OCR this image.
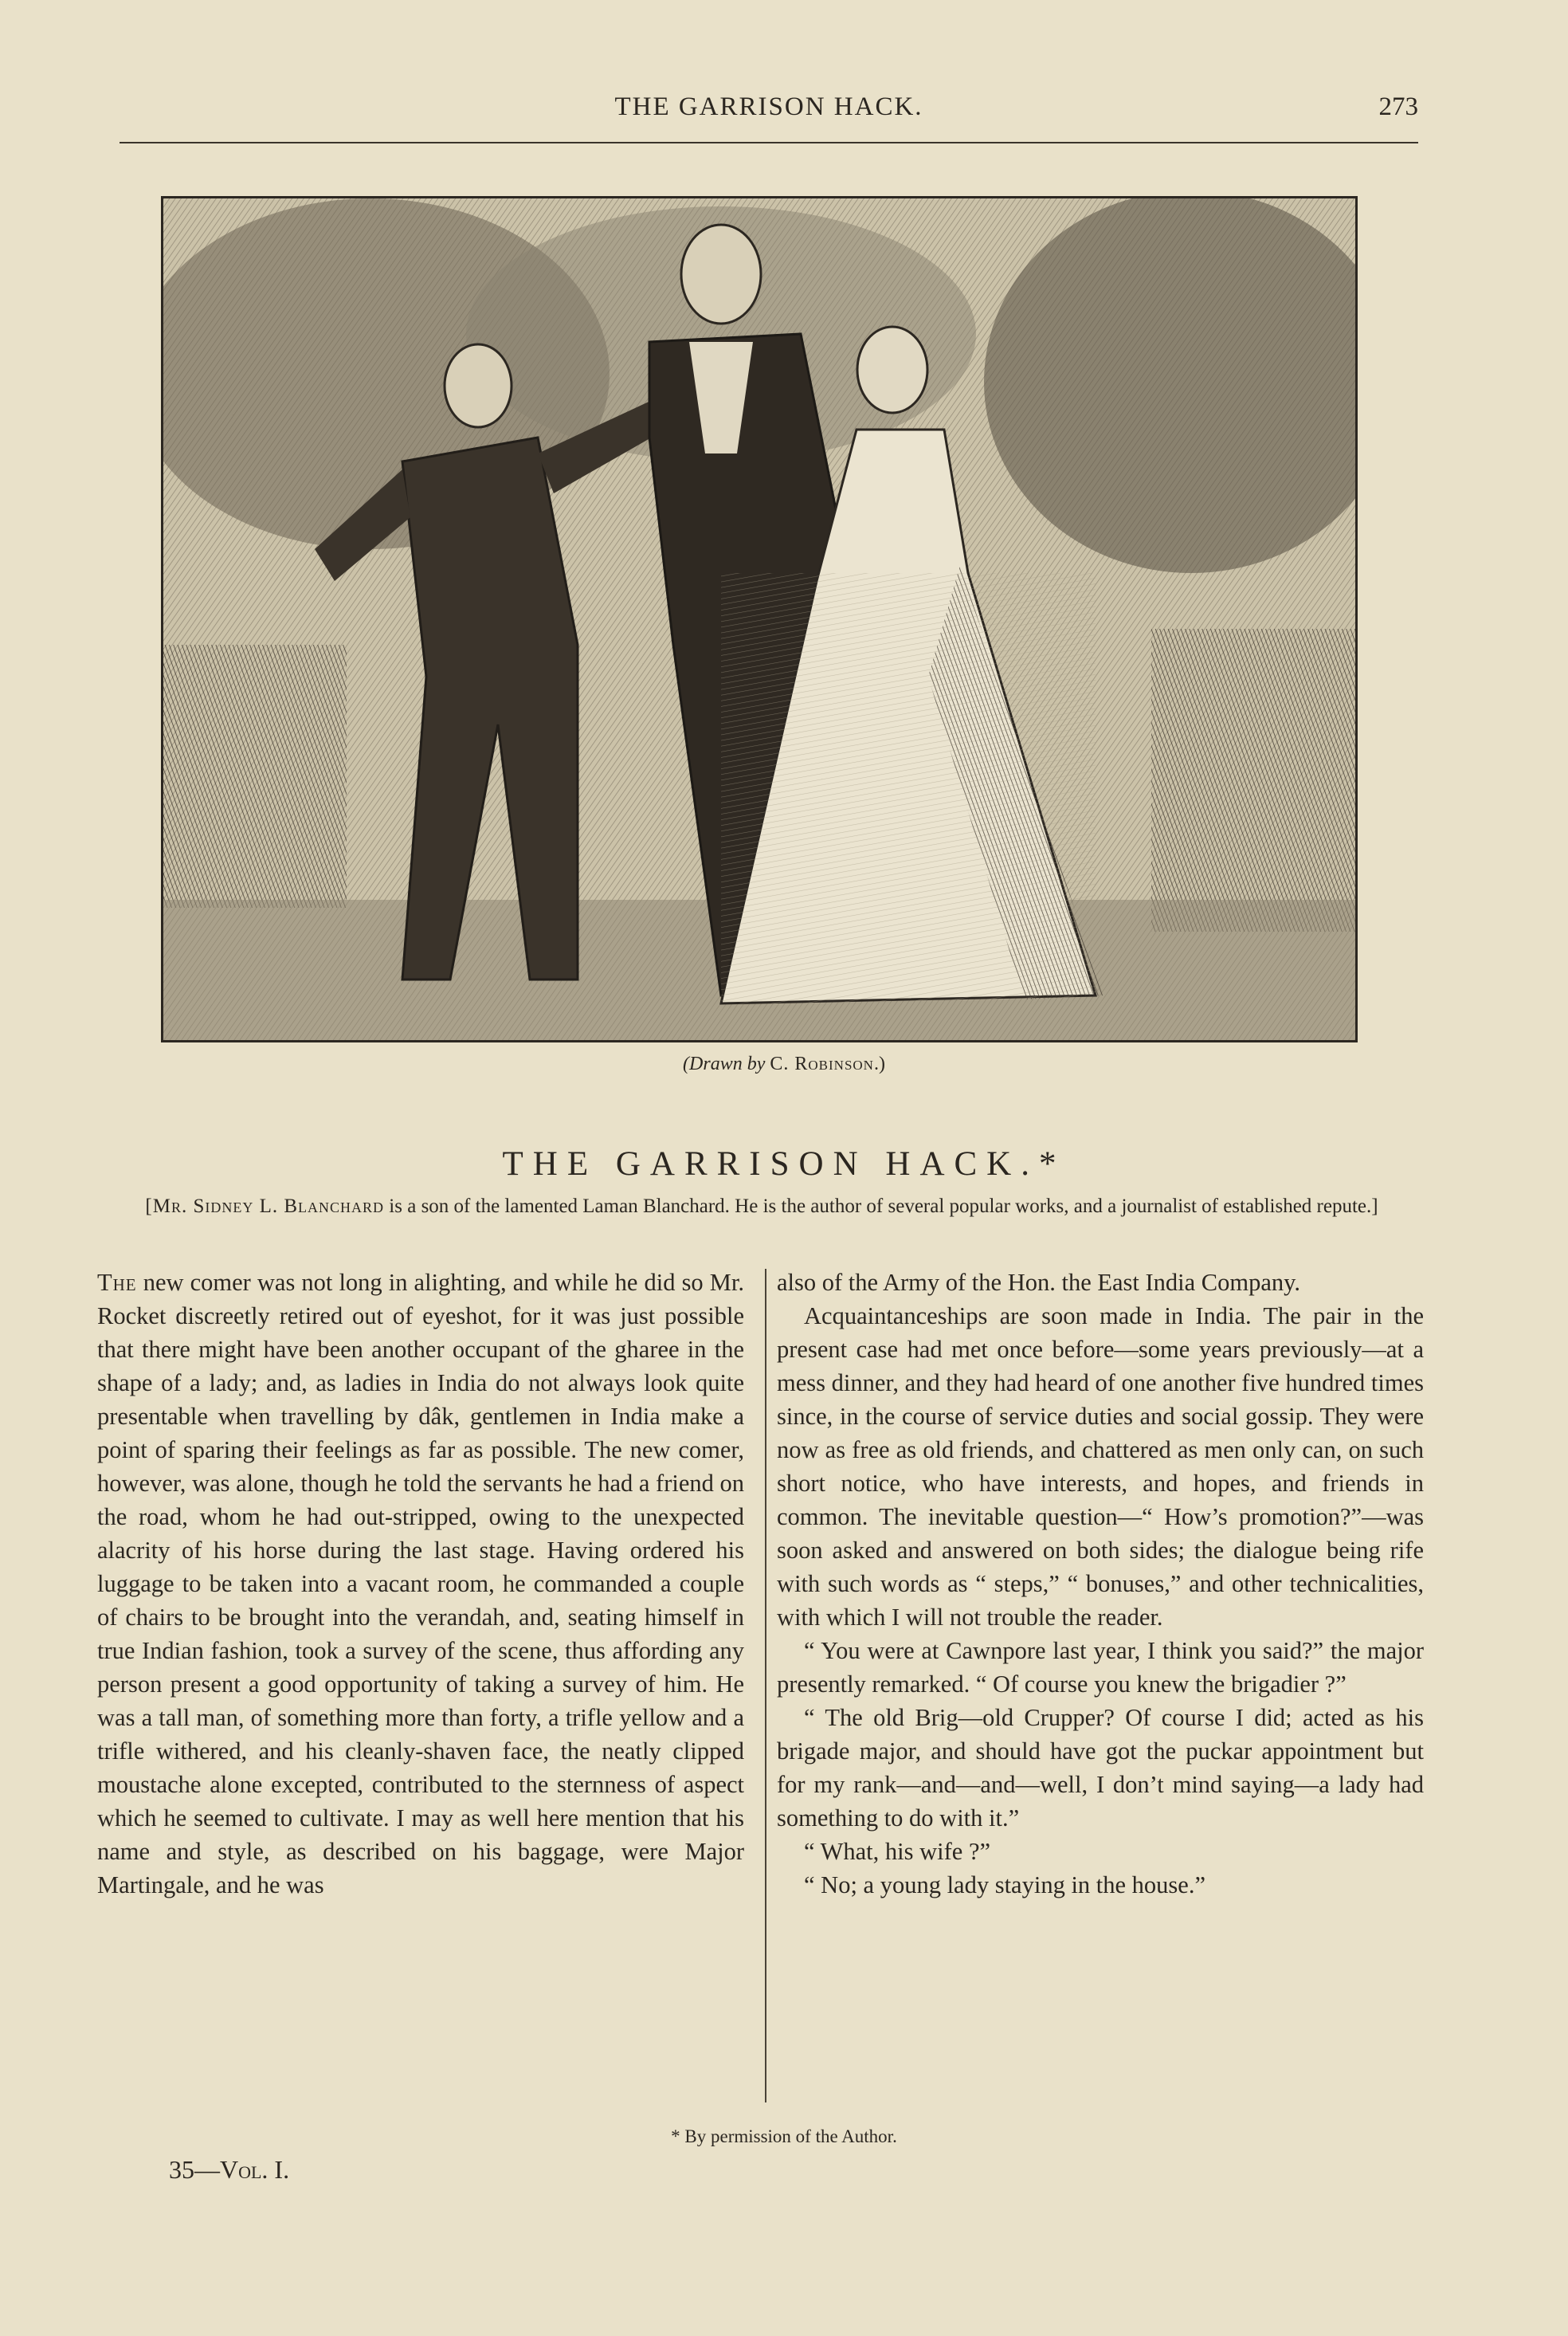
THE GARRISON HACK.	273
(Drawn by C. Robinson.)
THE GARRISON HACK.*
[Mr. Sidney L. Blanchard is a son of the lamented Laman Blanchard. He is the author of several popular works, and a journalist of established repute.]

The new comer was not long in alighting, and while he did so Mr. Rocket discreetly retired out of eyeshot, for it was just possible that there might have been another occupant of the gharee in the shape of a lady; and, as ladies in India do not always look quite presentable when travelling by dâk, gentlemen in India make a point of sparing their feelings as far as possible. The new comer, however, was alone, though he told the servants he had a friend on the road, whom he had out-stripped, owing to the unexpected alacrity of his horse during the last stage. Having ordered his luggage to be taken into a vacant room, he commanded a couple of chairs to be brought into the verandah, and, seating himself in true Indian fashion, took a survey of the scene, thus affording any person present a good opportunity of taking a survey of him. He was a tall man, of something more than forty, a trifle yellow and a trifle withered, and his cleanly-shaven face, the neatly clipped moustache alone excepted, contributed to the sternness of aspect which he seemed to cultivate. I may as well here mention that his name and style, as described on his baggage, were Major Martingale, and he was

also of the Army of the Hon. the East India Company.

Acquaintanceships are soon made in India. The pair in the present case had met once before—some years previously—at a mess dinner, and they had heard of one another five hundred times since, in the course of service duties and social gossip. They were now as free as old friends, and chattered as men only can, on such short notice, who have interests, and hopes, and friends in common. The inevitable question—“ How’s promotion?”—was soon asked and answered on both sides; the dialogue being rife with such words as “ steps,” “ bonuses,” and other technicalities, with which I will not trouble the reader.

“ You were at Cawnpore last year, I think you said?” the major presently remarked. “ Of course you knew the brigadier ?”

“ The old Brig—old Crupper? Of course I did; acted as his brigade major, and should have got the puckar appointment but for my rank—and—and—well, I don’t mind saying—a lady had something to do with it.”

“ What, his wife ?”

“ No; a young lady staying in the house.”

* By permission of the Author.
35—Vol. I.
